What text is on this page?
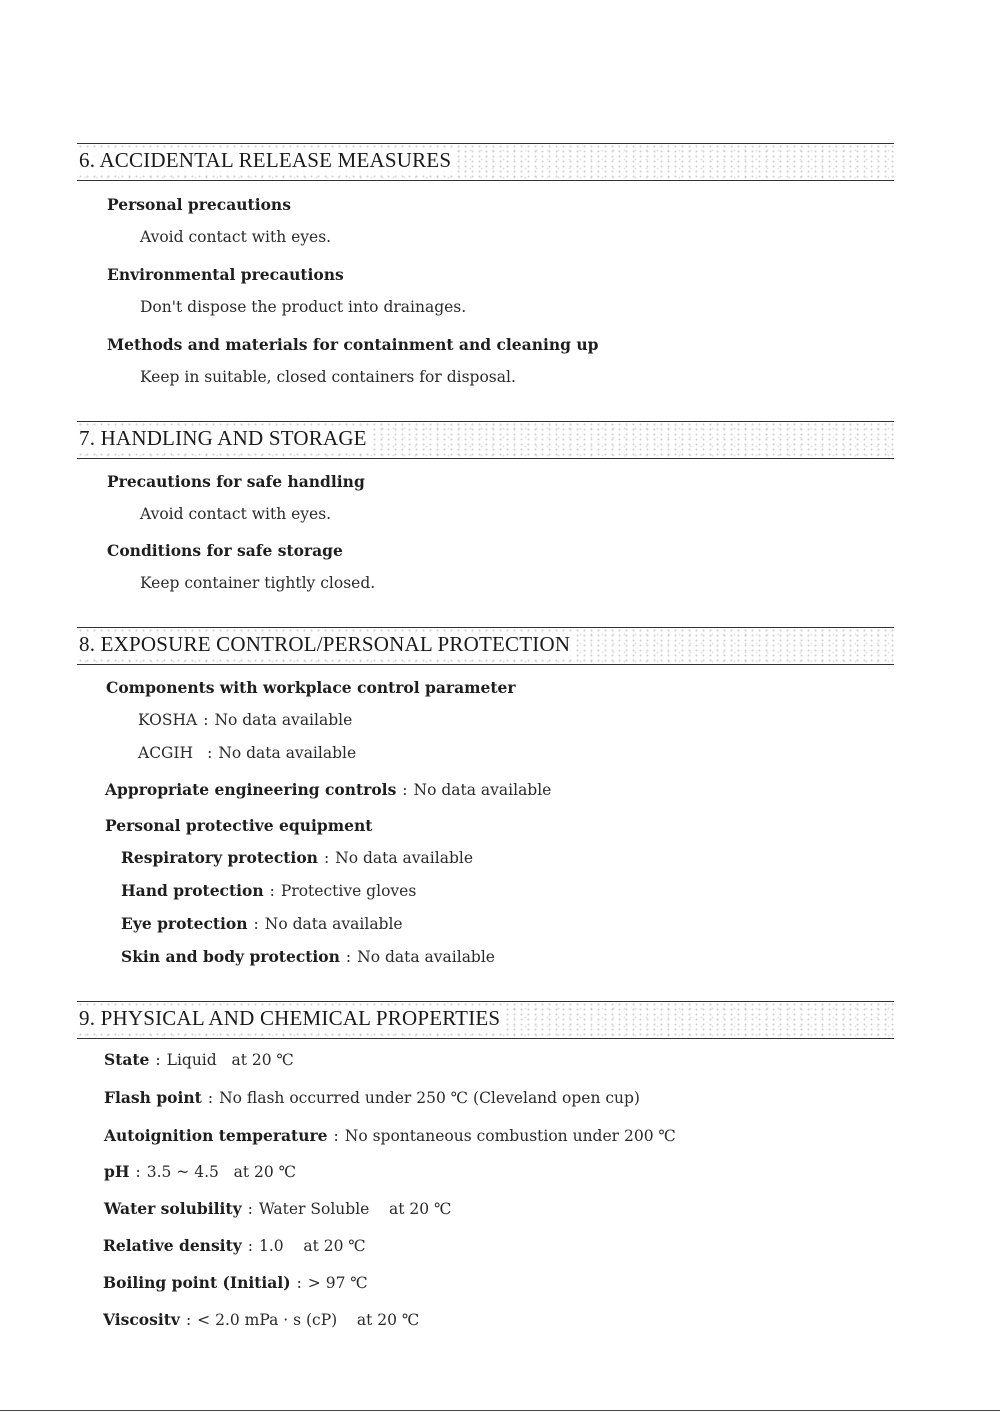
6. ACCIDENTAL RELEASE MEASURES
Personal precautions
Avoid contact with eyes.
Environmental precautions
Don't dispose the product into drainages.
Methods and materials for containment and cleaning up
Keep in suitable, closed containers for disposal.
7. HANDLING AND STORAGE
Precautions for safe handling
Avoid contact with eyes.
Conditions for safe storage
Keep container tightly closed.
8. EXPOSURE CONTROL/PERSONAL PROTECTION
Components with workplace control parameter
KOSHA : No data available
ACGIH : No data available
Appropriate engineering controls : No data available
Personal protective equipment
Respiratory protection : No data available
Hand protection : Protective gloves
Eye protection : No data available
Skin and body protection : No data available
9. PHYSICAL AND CHEMICAL PROPERTIES
State : Liquid   at 20 ℃
Flash point : No flash occurred under 250 ℃ (Cleveland open cup)
Autoignition temperature : No spontaneous combustion under 200 ℃
pH : 3.5 ~ 4.5   at 20 ℃
Water solubility : Water Soluble    at 20 ℃
Relative density : 1.0    at 20 ℃
Boiling point (Initial) : > 97 ℃
Viscositv : < 2.0 mPa · s (cP)    at 20 ℃
